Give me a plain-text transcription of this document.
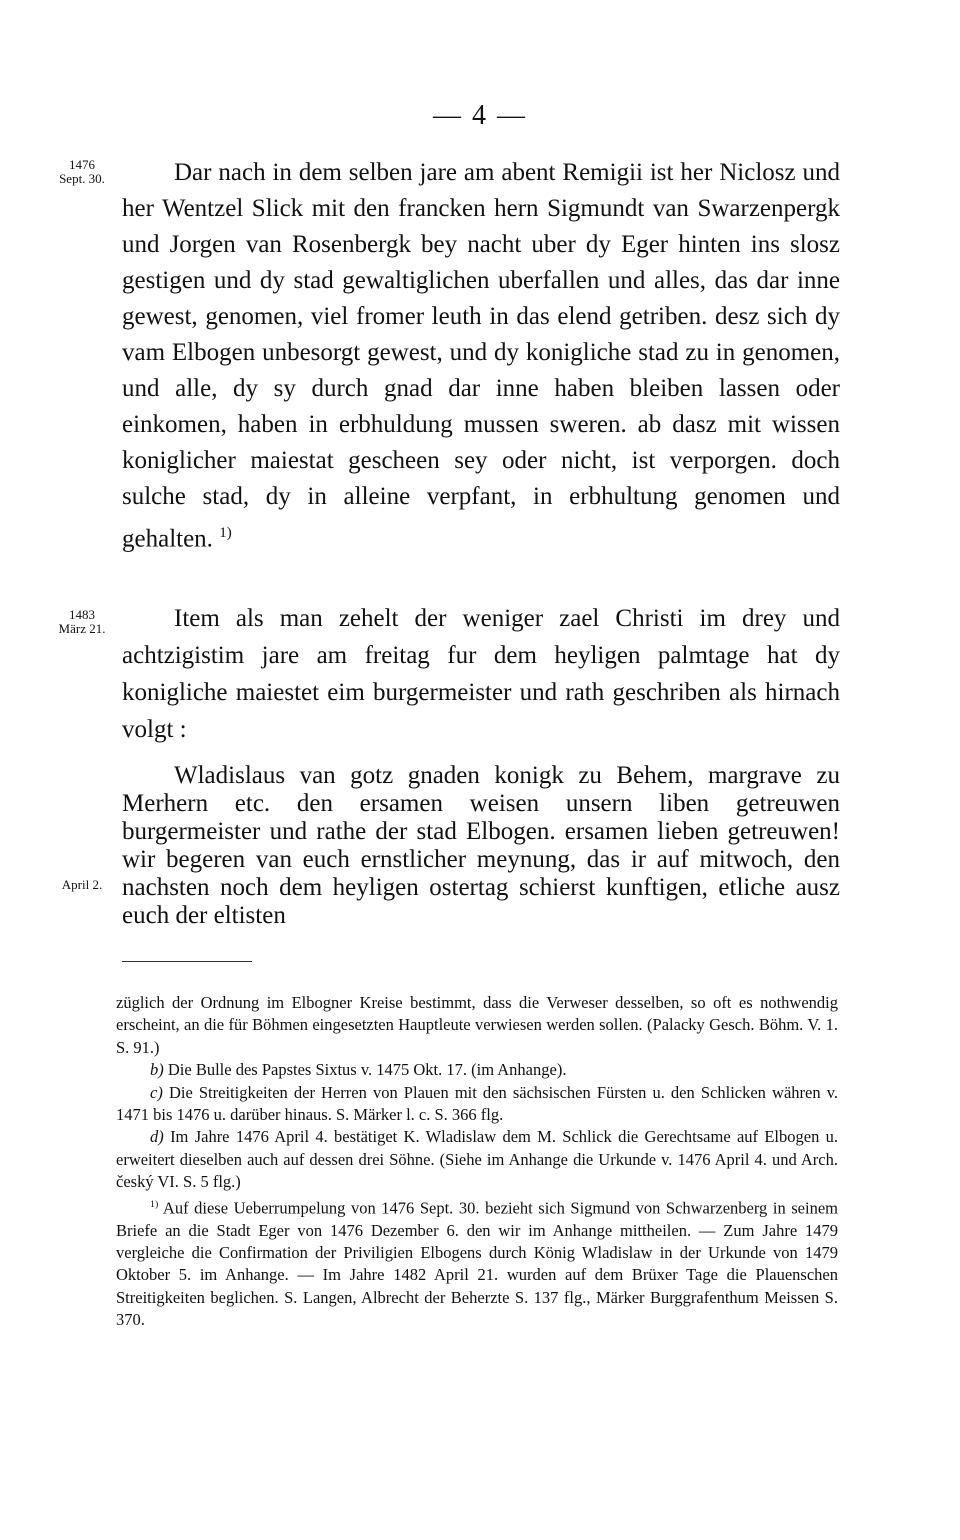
— 4 —
1476
Sept. 30.
1483
März 21.
April 2.

Dar nach in dem selben jare am abent Remigii ist her Niclosz und her Wentzel Slick mit den francken hern Sigmundt van Swarzenpergk und Jorgen van Rosenbergk bey nacht uber dy Eger hinten ins slosz gestigen und dy stad gewaltiglichen uberfallen und alles, das dar inne gewest, genomen, viel fromer leuth in das elend getriben. desz sich dy vam Elbogen unbesorgt gewest, und dy konigliche stad zu in genomen, und alle, dy sy durch gnad dar inne haben bleiben lassen oder einkomen, haben in erbhuldung mussen sweren. ab dasz mit wissen koniglicher maiestat gescheen sey oder nicht, ist verporgen. doch sulche stad, dy in alleine verpfant, in erbhultung genomen und gehalten. $^{1)}$

Item als man zehelt der weniger zael Christi im drey und achtzigistim jare am freitag fur dem heyligen palmtage hat dy konigliche maiestet eim burgermeister und rath geschriben als hirnach volgt :

Wladislaus van gotz gnaden konigk zu Behem, margrave zu Merhern etc. den ersamen weisen unsern liben getreuwen burgermeister und rathe der stad Elbogen. ersamen lieben getreuwen! wir begeren van euch ernstlicher meynung, das ir auf mitwoch, den nachsten noch dem heyligen ostertag schierst kunftigen, etliche ausz euch der eltisten

züglich der Ordnung im Elbogner Kreise bestimmt, dass die Verweser desselben, so oft es nothwendig erscheint, an die für Böhmen eingesetzten Hauptleute verwiesen werden sollen. (Palacky Gesch. Böhm. V. 1. S. 91.)

b) Die Bulle des Papstes Sixtus v. 1475 Okt. 17. (im Anhange).

c) Die Streitigkeiten der Herren von Plauen mit den sächsischen Fürsten u. den Schlicken währen v. 1471 bis 1476 u. darüber hinaus. S. Märker l. c. S. 366 flg.

d) Im Jahre 1476 April 4. bestätiget K. Wladislaw dem M. Schlick die Gerechtsame auf Elbogen u. erweitert dieselben auch auf dessen drei Söhne. (Siehe im Anhange die Urkunde v. 1476 April 4. und Arch. český VI. S. 5 flg.)

$^{1)}$ Auf diese Ueberrumpelung von 1476 Sept. 30. bezieht sich Sigmund von Schwarzenberg in seinem Briefe an die Stadt Eger von 1476 Dezember 6. den wir im Anhange mittheilen. — Zum Jahre 1479 vergleiche die Confirmation der Priviligien Elbogens durch König Wladislaw in der Urkunde von 1479 Oktober 5. im Anhange. — Im Jahre 1482 April 21. wurden auf dem Brüxer Tage die Plauenschen Streitigkeiten beglichen. S. Langen, Albrecht der Beherzte S. 137 flg., Märker Burggrafenthum Meissen S. 370.
